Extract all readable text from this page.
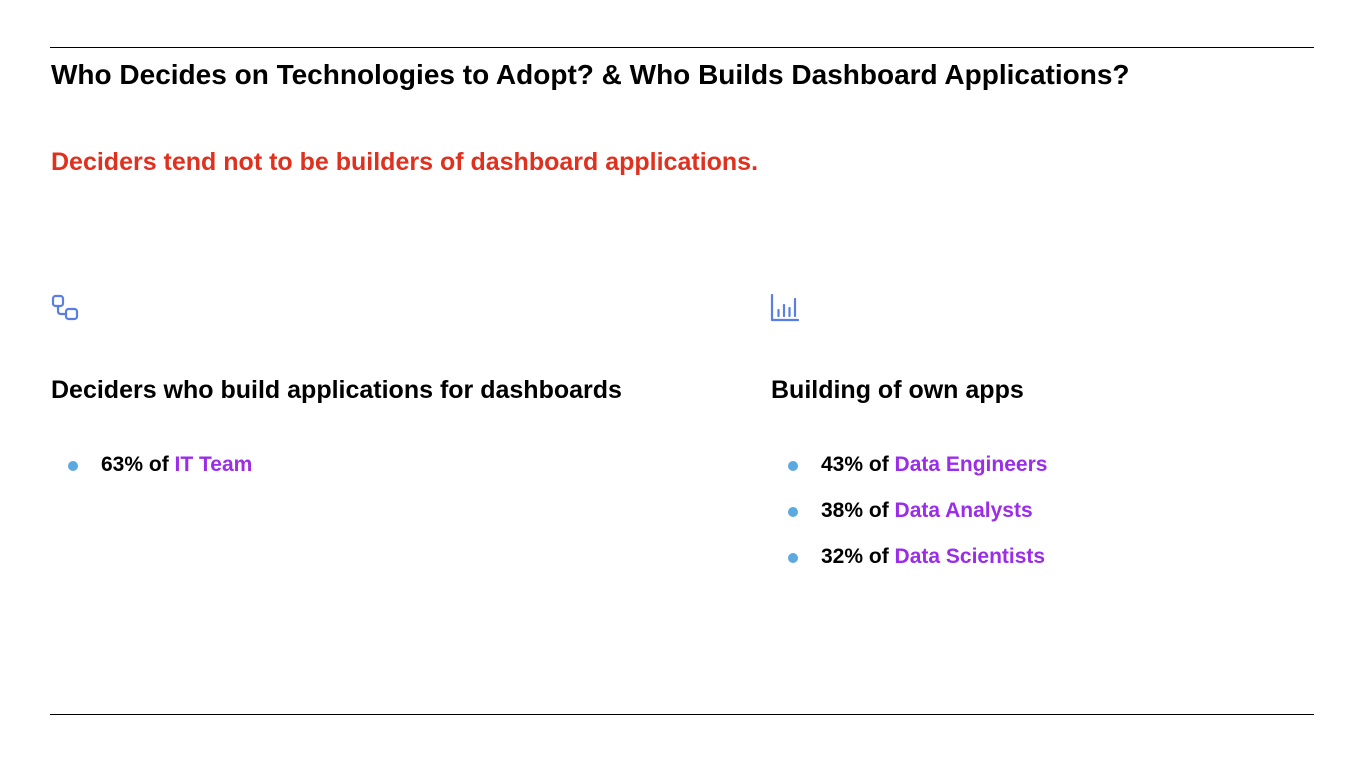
Who Decides on Technologies to Adopt? & Who Builds Dashboard Applications?
Deciders tend not to be builders of dashboard applications.
Deciders who build applications for dashboards
63% of IT Team
Building of own apps
43% of Data Engineers
38% of Data Analysts
32% of Data Scientists
